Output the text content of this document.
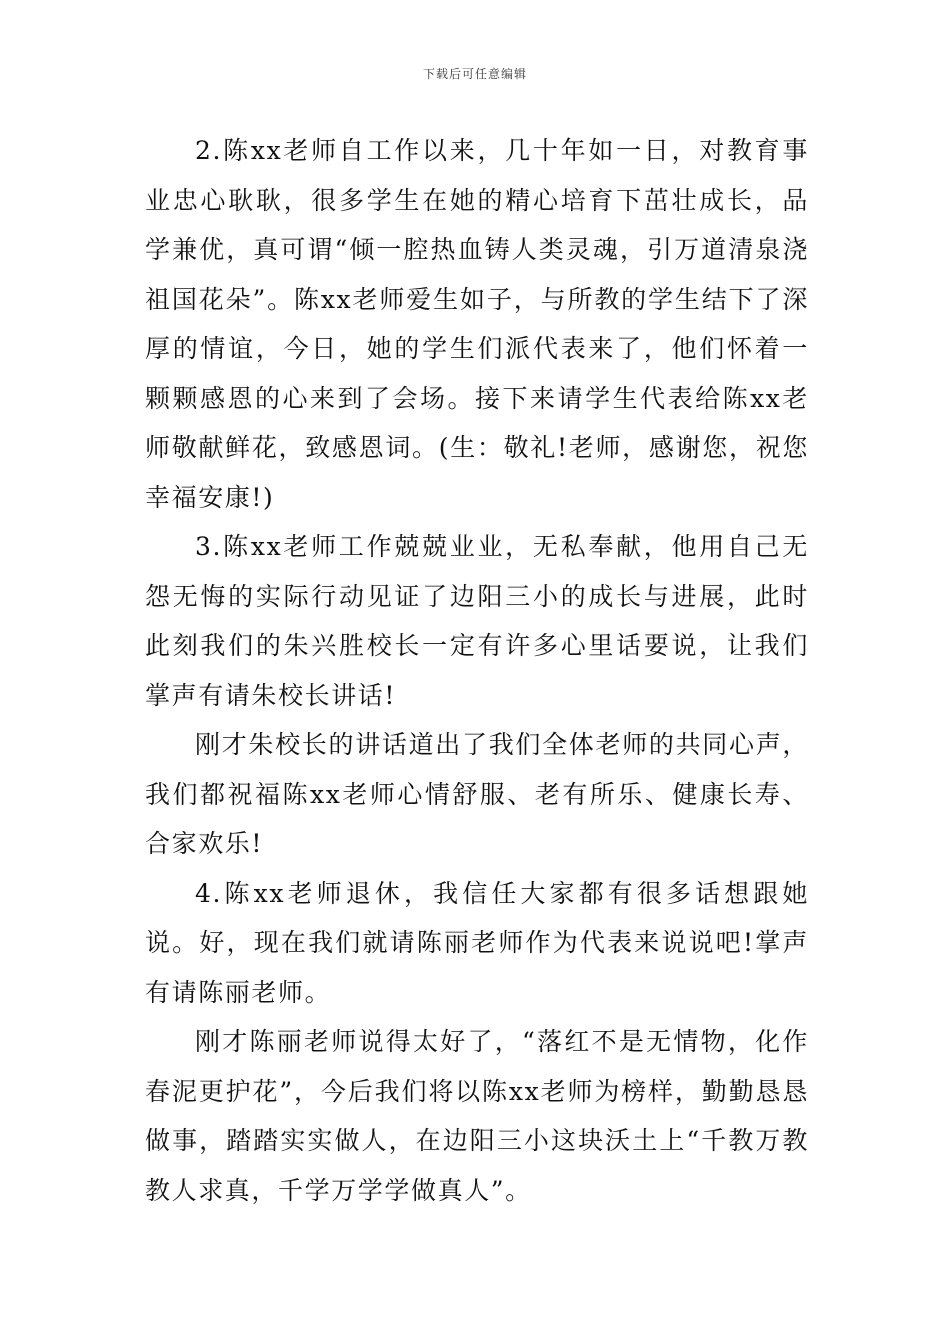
下载后可任意编辑

2.陈xx老师自工作以来，几十年如一日，对教育事业忠心耿耿，很多学生在她的精心培育下茁壮成长，品学兼优，真可谓“倾一腔热血铸人类灵魂，引万道清泉浇祖国花朵”。陈xx老师爱生如子，与所教的学生结下了深厚的情谊，今日，她的学生们派代表来了，他们怀着一颗颗感恩的心来到了会场。接下来请学生代表给陈xx老师敬献鲜花，致感恩词。(生：敬礼!老师，感谢您，祝您幸福安康!)

3.陈xx老师工作兢兢业业，无私奉献，他用自己无怨无悔的实际行动见证了边阳三小的成长与进展，此时此刻我们的朱兴胜校长一定有许多心里话要说，让我们掌声有请朱校长讲话!

刚才朱校长的讲话道出了我们全体老师的共同心声，我们都祝福陈xx老师心情舒服、老有所乐、健康长寿、合家欢乐!

4.陈xx老师退休，我信任大家都有很多话想跟她说。好，现在我们就请陈丽老师作为代表来说说吧!掌声有请陈丽老师。

刚才陈丽老师说得太好了，“落红不是无情物，化作春泥更护花”，今后我们将以陈xx老师为榜样，勤勤恳恳做事，踏踏实实做人，在边阳三小这块沃土上“千教万教教人求真，千学万学学做真人”。
